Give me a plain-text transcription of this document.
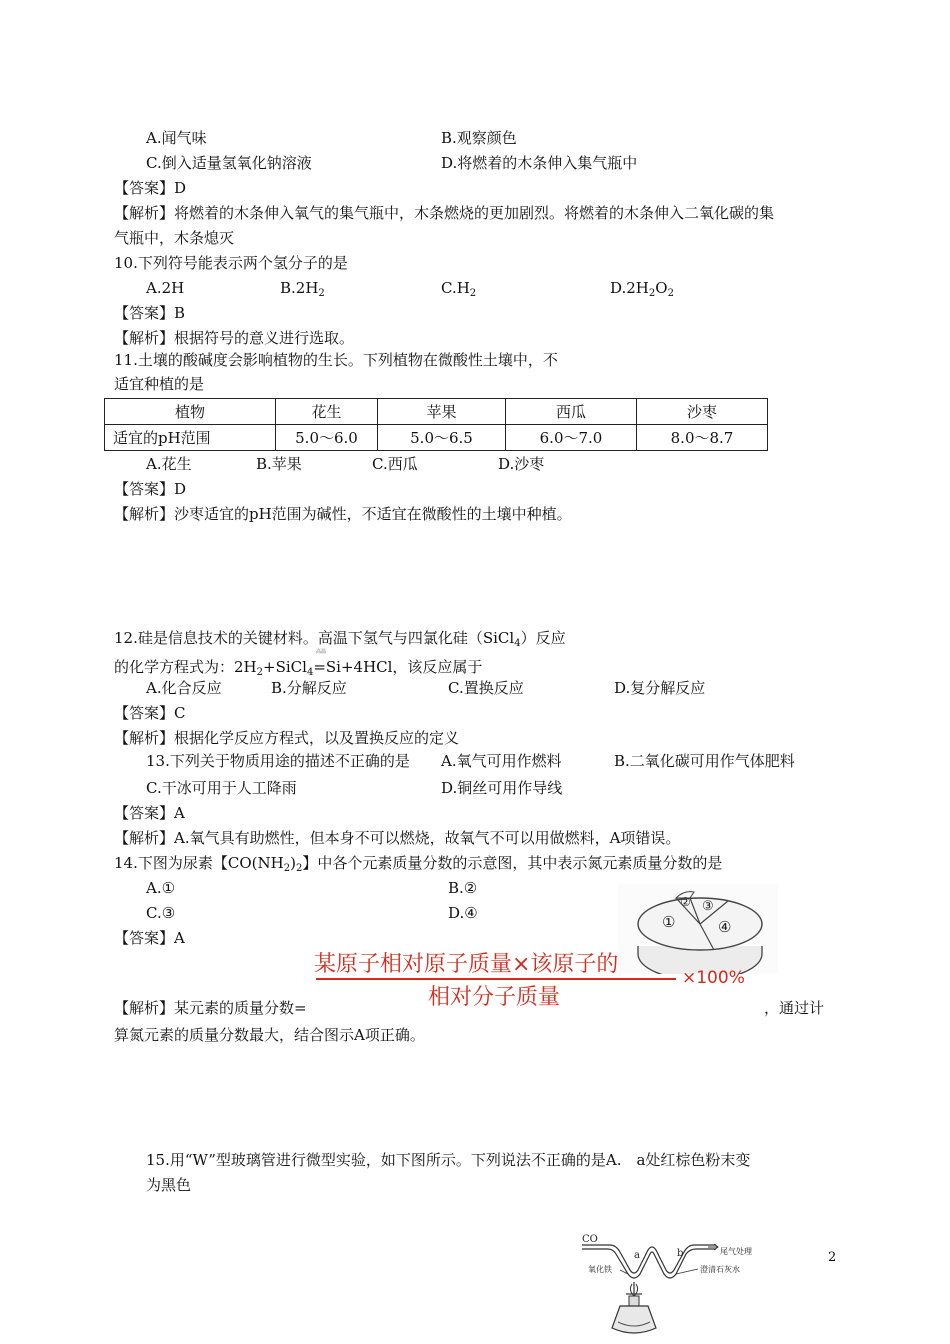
A.闻气味	B.观察颜色
C.倒入适量氢氧化钠溶液	D.将燃着的木条伸入集气瓶中
【答案】D
【解析】将燃着的木条伸入氧气的集气瓶中，木条燃烧的更加剧烈。将燃着的木条伸入二氧化碳的集
气瓶中，木条熄灭
10.下列符号能表示两个氢分子的是
A.2H	$B.2H_2$	$C.H_2$	$D.2H_2O_2$
【答案】B
【解析】根据符号的意义进行选取。
11.土壤的酸碱度会影响植物的生长。下列植物在微酸性土壤中，不
适宜种植的是
植物	花生	苹果	西瓜	沙枣
适宜的pH范围	5.0～6.0	5.0～6.5	6.0～7.0	8.0～8.7
A.花生	B.苹果	C.西瓜	D.沙枣
【答案】D
【解析】沙枣适宜的pH范围为碱性，不适宜在微酸性的土壤中种植。
12.硅是信息技术的关键材料。高温下氢气与四氯化硅（SiCl$_4$）反应
高温
的化学方程式为：$2H_2+SiCl_4=Si+4HCl$，该反应属于
A.化合反应	B.分解反应	C.置换反应	D.复分解反应
【答案】C
【解析】根据化学反应方程式，以及置换反应的定义
13.下列关于物质用途的描述不正确的是 A.氧气可用作燃料	B.二氧化碳可用作气体肥料
C.干冰可用于人工降雨	D.铜丝可用作导线
【答案】A
【解析】A.氧气具有助燃性，但本身不可以燃烧，故氧气不可以用做燃料，A项错误。
14.下图为尿素【$CO(NH_2)_2$】中各个元素质量分数的示意图，其中表示氮元素质量分数的是
A.①	B.②
C.③	D.④
【答案】A
①
② ③
④
某原子相对原子质量×该原子的
×100%
相对分子质量
【解析】某元素的质量分数=	，通过计
算氮元素的质量分数最大，结合图示A项正确。
15.用“W”型玻璃管进行微型实验，如下图所示。下列说法不正确的是A.　a处红棕色粉末变
为黑色
CO
a	b	尾气处理
氧化铁	澄清石灰水
2
